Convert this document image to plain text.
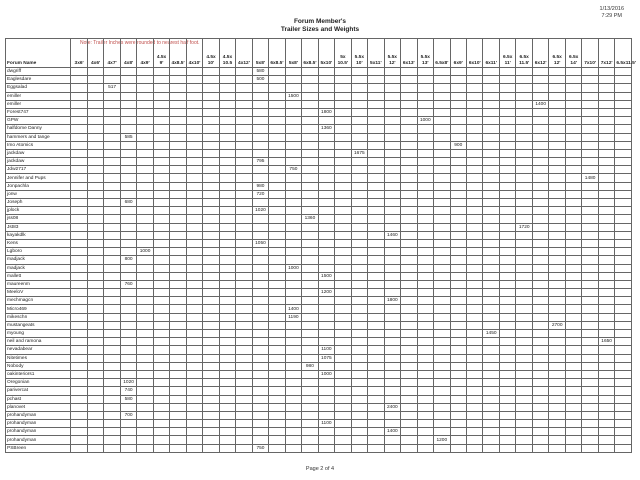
1/13/2016
7:29 PM
Forum Member's
Trailer Sizes and Weights
Note: Trailer Inches were rounded to nearest half foot.
Forum Name	3x6'	4x6'	4x7'	4x8'	4x9'	4.5x 9'	4x8.5'	4x10'	4.5x 10'	4.5x 10.5	4x12'	5x8'	6x8.5'	5x8'	6x8.5'	5x10'	5x 10.5'	5.5x 10'	5x11'	5.5x 12'	6x13'	5.5x 13'	6.5x8'	6x9'	6x10'	6x11'	6.5x 11'	6.5x 11.5'	6x12'	6.5x 12'	6.5x 14'	7x10'	7x12'	6.5x11.5'
dwgriff												580																						
Eaglesdare												500																						
Eggsalad			517																															
emiller														1500																				
emiller																													1400					
Forest747																1800																		
GPW																						1000												
halfdome Danny																1360																		
hammers and tange				585																														
Imo Atomics																								900										
jackdaw																		1675																
jackdaw												795																						
Jdw2717														750																				
Jennifer and Pups																																1480		
Jonpachla												980																						
jonw												720																						
Joseph				680																														
jplock												1020																						
jss08															1360																			
Jst83																												1720						
kayakdlk																				1460														
Kens												1050																						
Lgboro					1000																													
madjack				800																														
madjack														1000																				
mallett																1500																		
maureenm				760																														
MeeloV																1200																		
mechmagcn																				1800														
Micro469														1400																				
mikeschn														1190																				
mustangeats																														2700				
myoung																										1450								
neil and ramona																																	1650	
nevadabear																1100																		
Nitetimes																1075																		
Nobody															980																			
oakinteriors1																1000																		
Oregonian				1020																														
parivercat				740																														
pchast				580																														
planovet																				2400														
prohandyman				700																														
prohandyman																1100																		
prohandyman																				1400														
prohandyman																							1200											
PSBreen												750																						
Page 2 of 4
